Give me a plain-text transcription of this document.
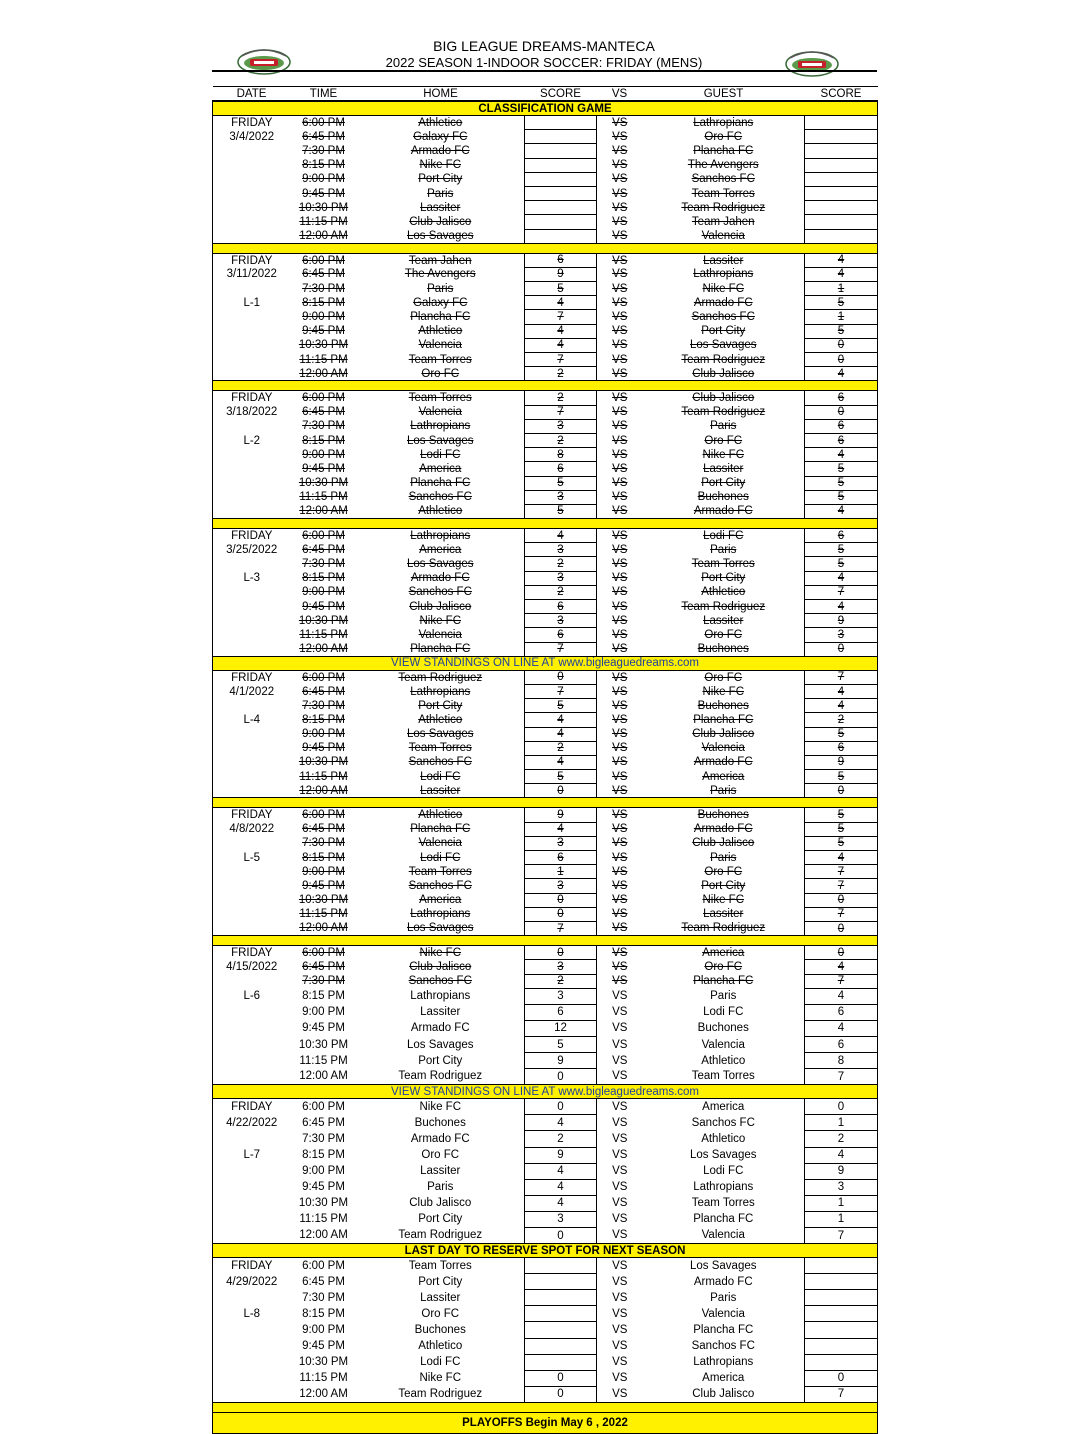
BIG LEAGUE DREAMS-MANTECA
2022 SEASON 1-INDOOR SOCCER: FRIDAY (MENS)
DATE	TIME	HOME	SCORE	VS	GUEST	SCORE
CLASSIFICATION GAME						
FRIDAY	6:00 PM	Athletico		VS	Lathropians	
3/4/2022	6:45 PM	Galaxy FC		VS	Oro FC	
	7:30 PM	Armado FC		VS	Plancha FC	
	8:15 PM	Nike FC		VS	The Avengers	
	9:00 PM	Port City		VS	Sanchos FC	
	9:45 PM	Paris		VS	Team Torres	
	10:30 PM	Lassiter		VS	Team Rodriguez	
	11:15 PM	Club Jalisco		VS	Team Jahen	
	12:00 AM	Los Savages		VS	Valencia	

FRIDAY	6:00 PM	Team Jahen	6	VS	Lassiter	4
3/11/2022	6:45 PM	The Avengers	9	VS	Lathropians	4
	7:30 PM	Paris	5	VS	Nike FC	1
L-1	8:15 PM	Galaxy FC	4	VS	Armado FC	5
	9:00 PM	Plancha FC	7	VS	Sanchos FC	1
	9:45 PM	Athletico	4	VS	Port City	5
	10:30 PM	Valencia	4	VS	Los Savages	0
	11:15 PM	Team Torres	7	VS	Team Rodriguez	0
	12:00 AM	Oro FC	2	VS	Club Jalisco	4

FRIDAY	6:00 PM	Team Torres	2	VS	Club Jalisco	6
3/18/2022	6:45 PM	Valencia	7	VS	Team Rodriguez	0
	7:30 PM	Lathropians	3	VS	Paris	6
L-2	8:15 PM	Los Savages	2	VS	Oro FC	6
	9:00 PM	Lodi FC	8	VS	Nike FC	4
	9:45 PM	America	6	VS	Lassiter	5
	10:30 PM	Plancha FC	5	VS	Port City	5
	11:15 PM	Sanchos FC	3	VS	Buchones	5
	12:00 AM	Athletico	5	VS	Armado FC	4

FRIDAY	6:00 PM	Lathropians	4	VS	Lodi FC	6
3/25/2022	6:45 PM	America	3	VS	Paris	5
	7:30 PM	Los Savages	2	VS	Team Torres	5
L-3	8:15 PM	Armado FC	3	VS	Port City	4
	9:00 PM	Sanchos FC	2	VS	Athletico	7
	9:45 PM	Club Jalisco	6	VS	Team Rodriguez	4
	10:30 PM	Nike FC	3	VS	Lassiter	9
	11:15 PM	Valencia	6	VS	Oro FC	3
	12:00 AM	Plancha FC	7	VS	Buchones	0
VIEW STANDINGS ON LINE AT www.bigleaguedreams.com						
FRIDAY	6:00 PM	Team Rodriguez	0	VS	Oro FC	7
4/1/2022	6:45 PM	Lathropians	7	VS	Nike FC	4
	7:30 PM	Port City	5	VS	Buchones	4
L-4	8:15 PM	Athletico	4	VS	Plancha FC	2
	9:00 PM	Los Savages	4	VS	Club Jalisco	5
	9:45 PM	Team Torres	2	VS	Valencia	6
	10:30 PM	Sanchos FC	4	VS	Armado FC	9
	11:15 PM	Lodi FC	5	VS	America	5
	12:00 AM	Lassiter	0	VS	Paris	0

FRIDAY	6:00 PM	Athletico	9	VS	Buchones	5
4/8/2022	6:45 PM	Plancha FC	4	VS	Armado FC	5
	7:30 PM	Valencia	3	VS	Club Jalisco	5
L-5	8:15 PM	Lodi FC	6	VS	Paris	4
	9:00 PM	Team Torres	1	VS	Oro FC	7
	9:45 PM	Sanchos FC	3	VS	Port City	7
	10:30 PM	America	0	VS	Nike FC	0
	11:15 PM	Lathropians	0	VS	Lassiter	7
	12:00 AM	Los Savages	7	VS	Team Rodriguez	0

FRIDAY	6:00 PM	Nike FC	0	VS	America	0
4/15/2022	6:45 PM	Club Jalisco	3	VS	Oro FC	4
	7:30 PM	Sanchos FC	2	VS	Plancha FC	7
L-6	8:15 PM	Lathropians	3	VS	Paris	4
	9:00 PM	Lassiter	6	VS	Lodi FC	6
	9:45 PM	Armado FC	12	VS	Buchones	4
	10:30 PM	Los Savages	5	VS	Valencia	6
	11:15 PM	Port City	9	VS	Athletico	8
	12:00 AM	Team Rodriguez	0	VS	Team Torres	7
VIEW STANDINGS ON LINE AT www.bigleaguedreams.com						
FRIDAY	6:00 PM	Nike FC	0	VS	America	0
4/22/2022	6:45 PM	Buchones	4	VS	Sanchos FC	1
	7:30 PM	Armado FC	2	VS	Athletico	2
L-7	8:15 PM	Oro FC	9	VS	Los Savages	4
	9:00 PM	Lassiter	4	VS	Lodi FC	9
	9:45 PM	Paris	4	VS	Lathropians	3
	10:30 PM	Club Jalisco	4	VS	Team Torres	1
	11:15 PM	Port City	3	VS	Plancha FC	1
	12:00 AM	Team Rodriguez	0	VS	Valencia	7
LAST DAY TO RESERVE SPOT FOR NEXT SEASON						
FRIDAY	6:00 PM	Team Torres		VS	Los Savages	
4/29/2022	6:45 PM	Port City		VS	Armado FC	
	7:30 PM	Lassiter		VS	Paris	
L-8	8:15 PM	Oro FC		VS	Valencia	
	9:00 PM	Buchones		VS	Plancha FC	
	9:45 PM	Athletico		VS	Sanchos FC	
	10:30 PM	Lodi FC		VS	Lathropians	
	11:15 PM	Nike FC	0	VS	America	0
	12:00 AM	Team Rodriguez	0	VS	Club Jalisco	7

PLAYOFFS Begin May 6 , 2022						
